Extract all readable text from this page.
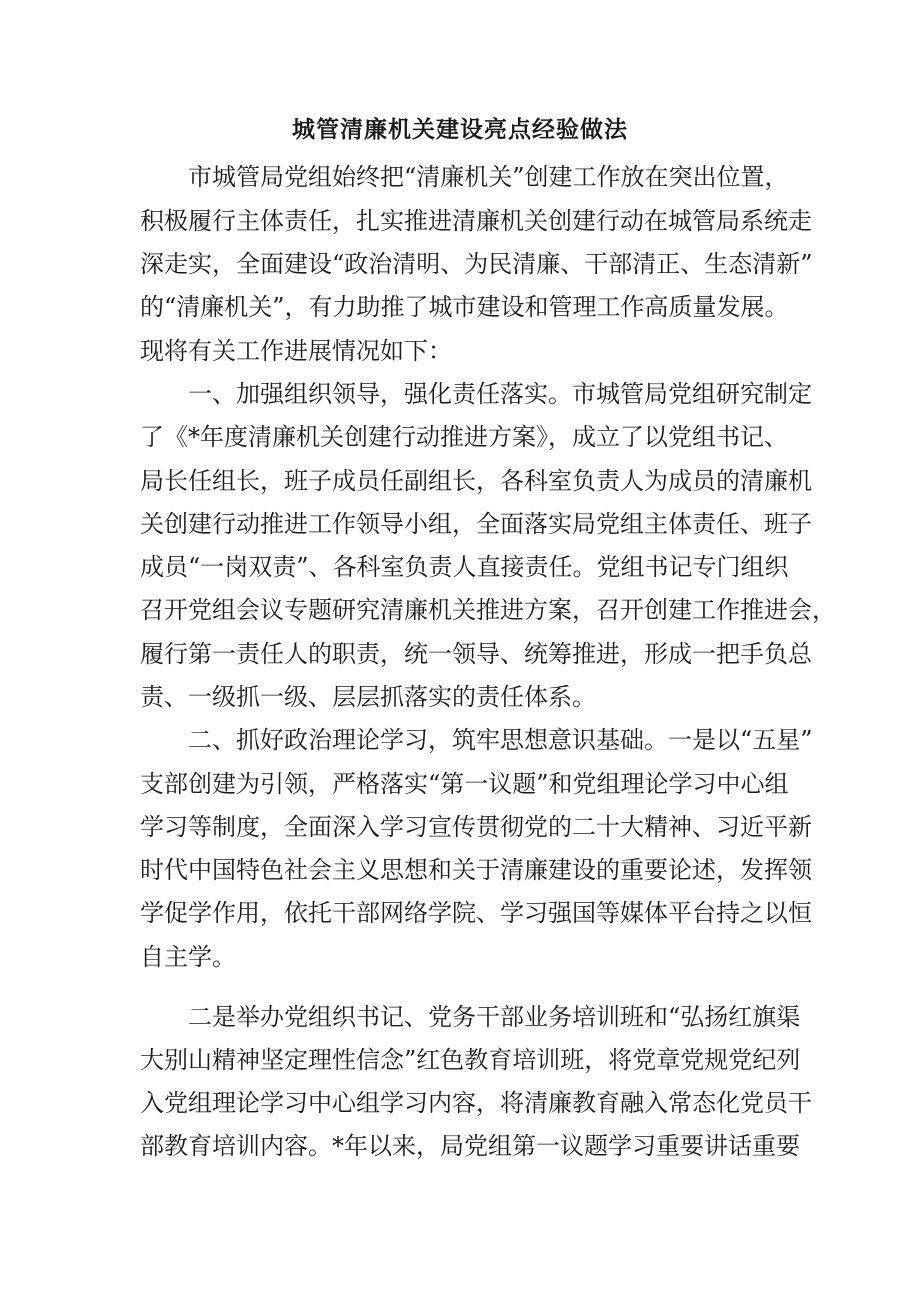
城管清廉机关建设亮点经验做法

　　市城管局党组始终把“清廉机关”创建工作放在突出位置，

积极履行主体责任，扎实推进清廉机关创建行动在城管局系统走

深走实，全面建设“政治清明、为民清廉、干部清正、生态清新”

的“清廉机关”，有力助推了城市建设和管理工作高质量发展。

现将有关工作进展情况如下：

　　一、加强组织领导，强化责任落实。市城管局党组研究制定

了《*年度清廉机关创建行动推进方案》，成立了以党组书记、

局长任组长，班子成员任副组长，各科室负责人为成员的清廉机

关创建行动推进工作领导小组，全面落实局党组主体责任、班子

成员“一岗双责”、各科室负责人直接责任。党组书记专门组织

召开党组会议专题研究清廉机关推进方案，召开创建工作推进会，

履行第一责任人的职责，统一领导、统筹推进，形成一把手负总

责、一级抓一级、层层抓落实的责任体系。

　　二、抓好政治理论学习，筑牢思想意识基础。一是以“五星”

支部创建为引领，严格落实“第一议题”和党组理论学习中心组

学习等制度，全面深入学习宣传贯彻党的二十大精神、习近平新

时代中国特色社会主义思想和关于清廉建设的重要论述，发挥领

学促学作用，依托干部网络学院、学习强国等媒体平台持之以恒

自主学。

　　二是举办党组织书记、党务干部业务培训班和“弘扬红旗渠

大别山精神坚定理性信念”红色教育培训班，将党章党规党纪列

入党组理论学习中心组学习内容，将清廉教育融入常态化党员干

部教育培训内容。*年以来，局党组第一议题学习重要讲话重要
